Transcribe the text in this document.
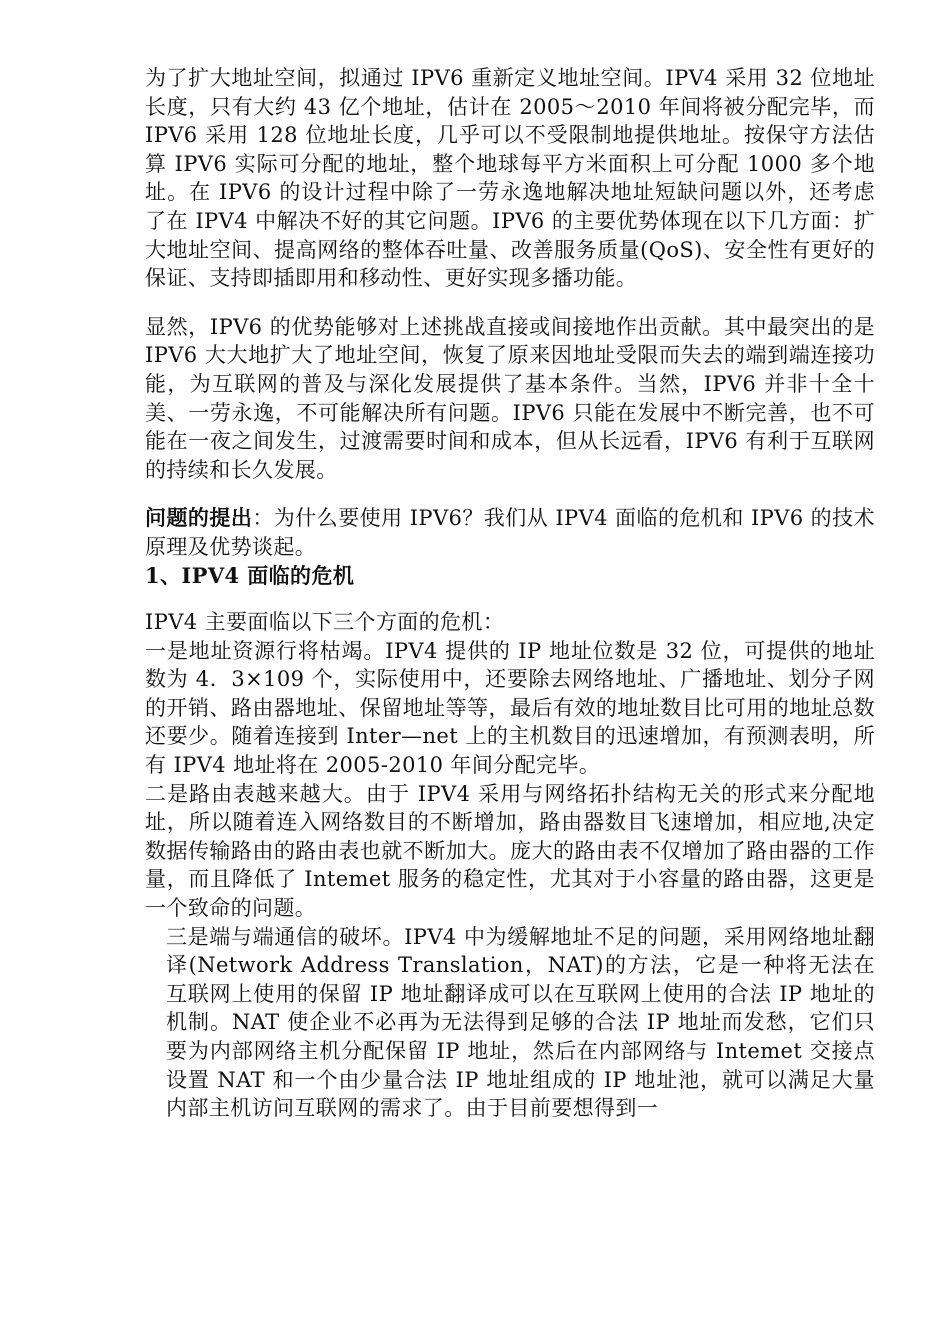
为了扩大地址空间，拟通过 IPV6 重新定义地址空间。IPV4 采用 32 位地址长度，只有大约 43 亿个地址，估计在 2005～2010 年间将被分配完毕，而 IPV6 采用 128 位地址长度，几乎可以不受限制地提供地址。按保守方法估算 IPV6 实际可分配的地址，整个地球每平方米面积上可分配 1000 多个地址。在 IPV6 的设计过程中除了一劳永逸地解决地址短缺问题以外，还考虑了在 IPV4 中解决不好的其它问题。IPV6 的主要优势体现在以下几方面：扩大地址空间、提高网络的整体吞吐量、改善服务质量(QoS)、安全性有更好的保证、支持即插即用和移动性、更好实现多播功能。

显然，IPV6 的优势能够对上述挑战直接或间接地作出贡献。其中最突出的是 IPV6 大大地扩大了地址空间，恢复了原来因地址受限而失去的端到端连接功能，为互联网的普及与深化发展提供了基本条件。当然，IPV6 并非十全十美、一劳永逸，不可能解决所有问题。IPV6 只能在发展中不断完善，也不可能在一夜之间发生，过渡需要时间和成本，但从长远看，IPV6 有利于互联网的持续和长久发展。

问题的提出：为什么要使用 IPV6？我们从 IPV4 面临的危机和 IPV6 的技术原理及优势谈起。

1、IPV4 面临的危机

IPV4 主要面临以下三个方面的危机：

一是地址资源行将枯竭。IPV4 提供的 IP 地址位数是 32 位，可提供的地址数为 4．3×109 个，实际使用中，还要除去网络地址、广播地址、划分子网的开销、路由器地址、保留地址等等，最后有效的地址数目比可用的地址总数还要少。随着连接到 Inter—net 上的主机数目的迅速增加，有预测表明，所有 IPV4 地址将在 2005-2010 年间分配完毕。

二是路由表越来越大。由于 IPV4 采用与网络拓扑结构无关的形式来分配地址，所以随着连入网络数目的不断增加，路由器数目飞速增加，相应地,决定数据传输路由的路由表也就不断加大。庞大的路由表不仅增加了路由器的工作量，而且降低了 Intemet 服务的稳定性，尤其对于小容量的路由器，这更是一个致命的问题。

三是端与端通信的破坏。IPV4 中为缓解地址不足的问题，采用网络地址翻译(Network Address Translation，NAT)的方法，它是一种将无法在互联网上使用的保留 IP 地址翻译成可以在互联网上使用的合法 IP 地址的机制。NAT 使企业不必再为无法得到足够的合法 IP 地址而发愁，它们只要为内部网络主机分配保留 IP 地址，然后在内部网络与 Intemet 交接点设置 NAT 和一个由少量合法 IP 地址组成的 IP 地址池，就可以满足大量内部主机访问互联网的需求了。由于目前要想得到一
